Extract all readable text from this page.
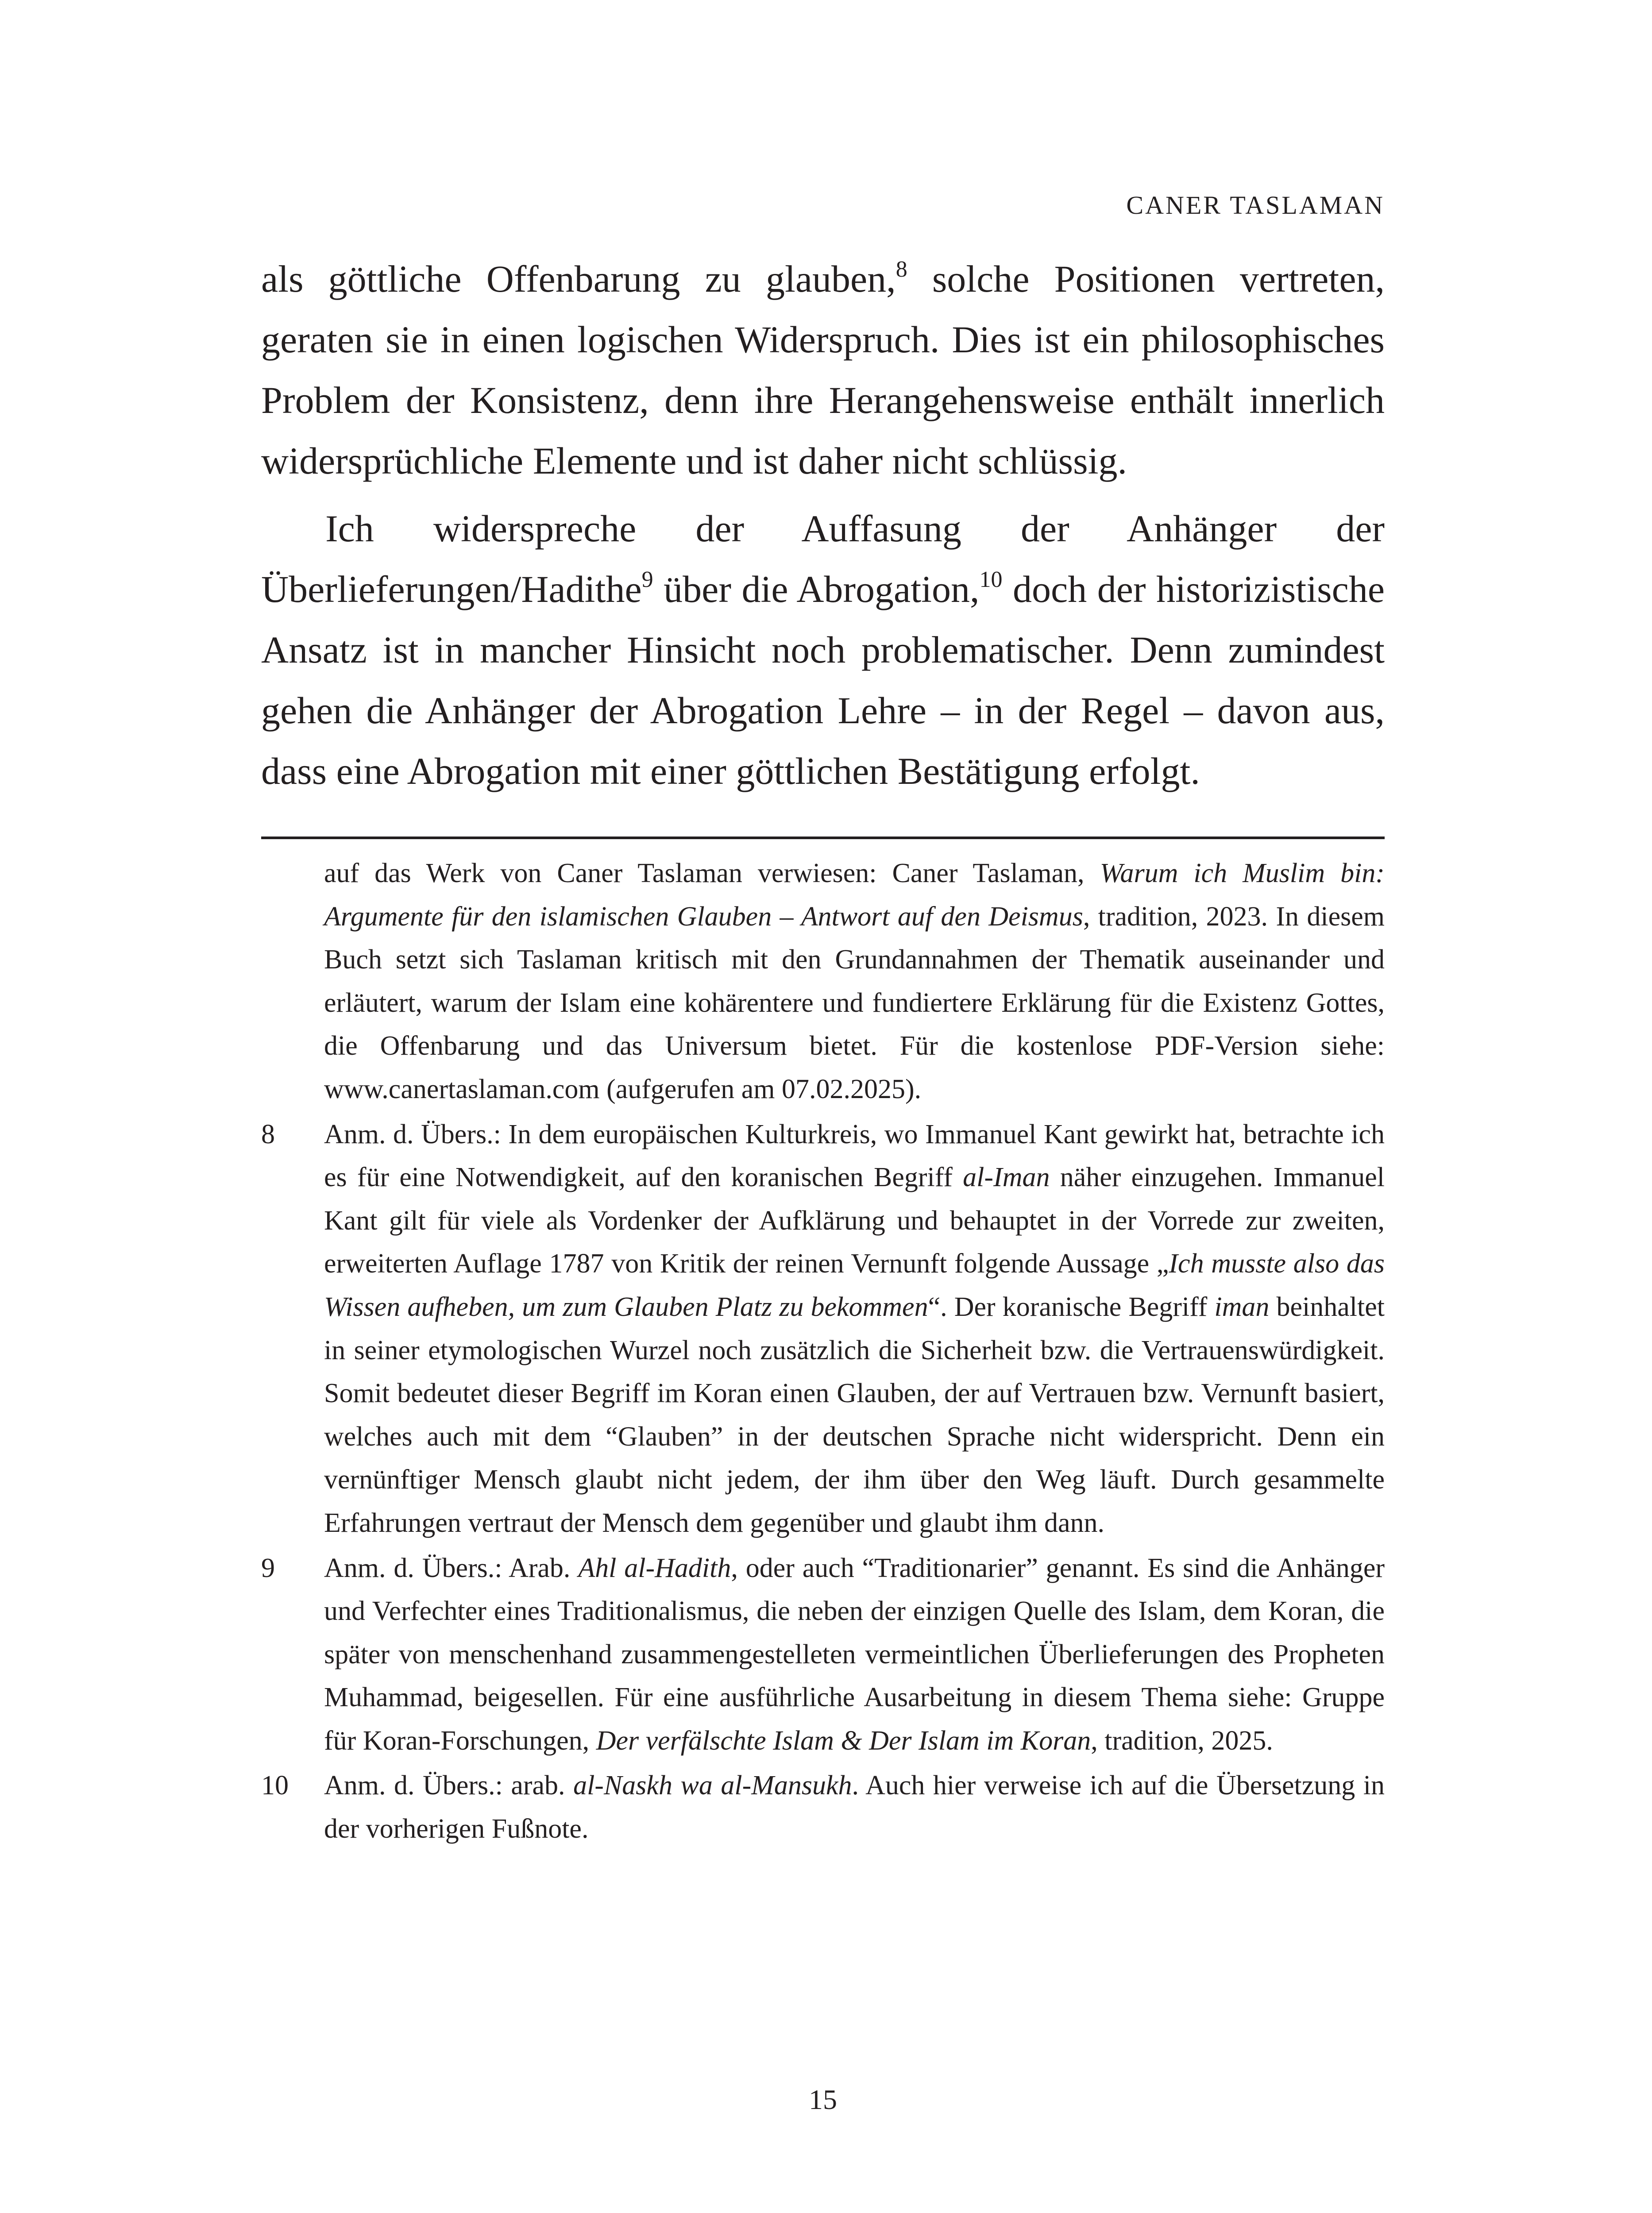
CANER TASLAMAN

als göttliche Offenbarung zu glauben,$^8$ solche Positionen vertreten, geraten sie in einen logischen Widerspruch. Dies ist ein philosophisches Problem der Konsistenz, denn ihre Herangehensweise enthält innerlich widersprüchliche Elemente und ist daher nicht schlüssig.

Ich widerspreche der Auffasung der Anhänger der Überlieferungen/Hadithe$^9$ über die Abrogation,$^{10}$ doch der historizistische Ansatz ist in mancher Hinsicht noch problematischer. Denn zumindest gehen die Anhänger der Abrogation Lehre – in der Regel – davon aus, dass eine Abrogation mit einer göttlichen Bestätigung erfolgt.

auf das Werk von Caner Taslaman verwiesen: Caner Taslaman, Warum ich Muslim bin: Argumente für den islamischen Glauben – Antwort auf den Deismus, tradition, 2023. In diesem Buch setzt sich Taslaman kritisch mit den Grundannahmen der Thematik auseinander und erläutert, warum der Islam eine kohärentere und fundiertere Erklärung für die Existenz Gottes, die Offenbarung und das Universum bietet. Für die kostenlose PDF-Version siehe: www.canertaslaman.com (aufgerufen am 07.02.2025).
8 Anm. d. Übers.: In dem europäischen Kulturkreis, wo Immanuel Kant gewirkt hat, betrachte ich es für eine Notwendigkeit, auf den koranischen Begriff al-Iman näher einzugehen. Immanuel Kant gilt für viele als Vordenker der Aufklärung und behauptet in der Vorrede zur zweiten, erweiterten Auflage 1787 von Kritik der reinen Vernunft folgende Aussage „Ich musste also das Wissen aufheben, um zum Glauben Platz zu bekommen“. Der koranische Begriff iman beinhaltet in seiner etymologischen Wurzel noch zusätzlich die Sicherheit bzw. die Vertrauenswürdigkeit. Somit bedeutet dieser Begriff im Koran einen Glauben, der auf Vertrauen bzw. Vernunft basiert, welches auch mit dem “Glauben” in der deutschen Sprache nicht widerspricht. Denn ein vernünftiger Mensch glaubt nicht jedem, der ihm über den Weg läuft. Durch gesammelte Erfahrungen vertraut der Mensch dem gegenüber und glaubt ihm dann.
9 Anm. d. Übers.: Arab. Ahl al-Hadith, oder auch “Traditionarier” genannt. Es sind die Anhänger und Verfechter eines Traditionalismus, die neben der einzigen Quelle des Islam, dem Koran, die später von menschenhand zusammengestelleten vermeintlichen Überlieferungen des Propheten Muhammad, beigesellen. Für eine ausführliche Ausarbeitung in diesem Thema siehe: Gruppe für Koran-Forschungen, Der verfälschte Islam & Der Islam im Koran, tradition, 2025.
10 Anm. d. Übers.: arab. al-Naskh wa al-Mansukh. Auch hier verweise ich auf die Übersetzung in der vorherigen Fußnote.
15
